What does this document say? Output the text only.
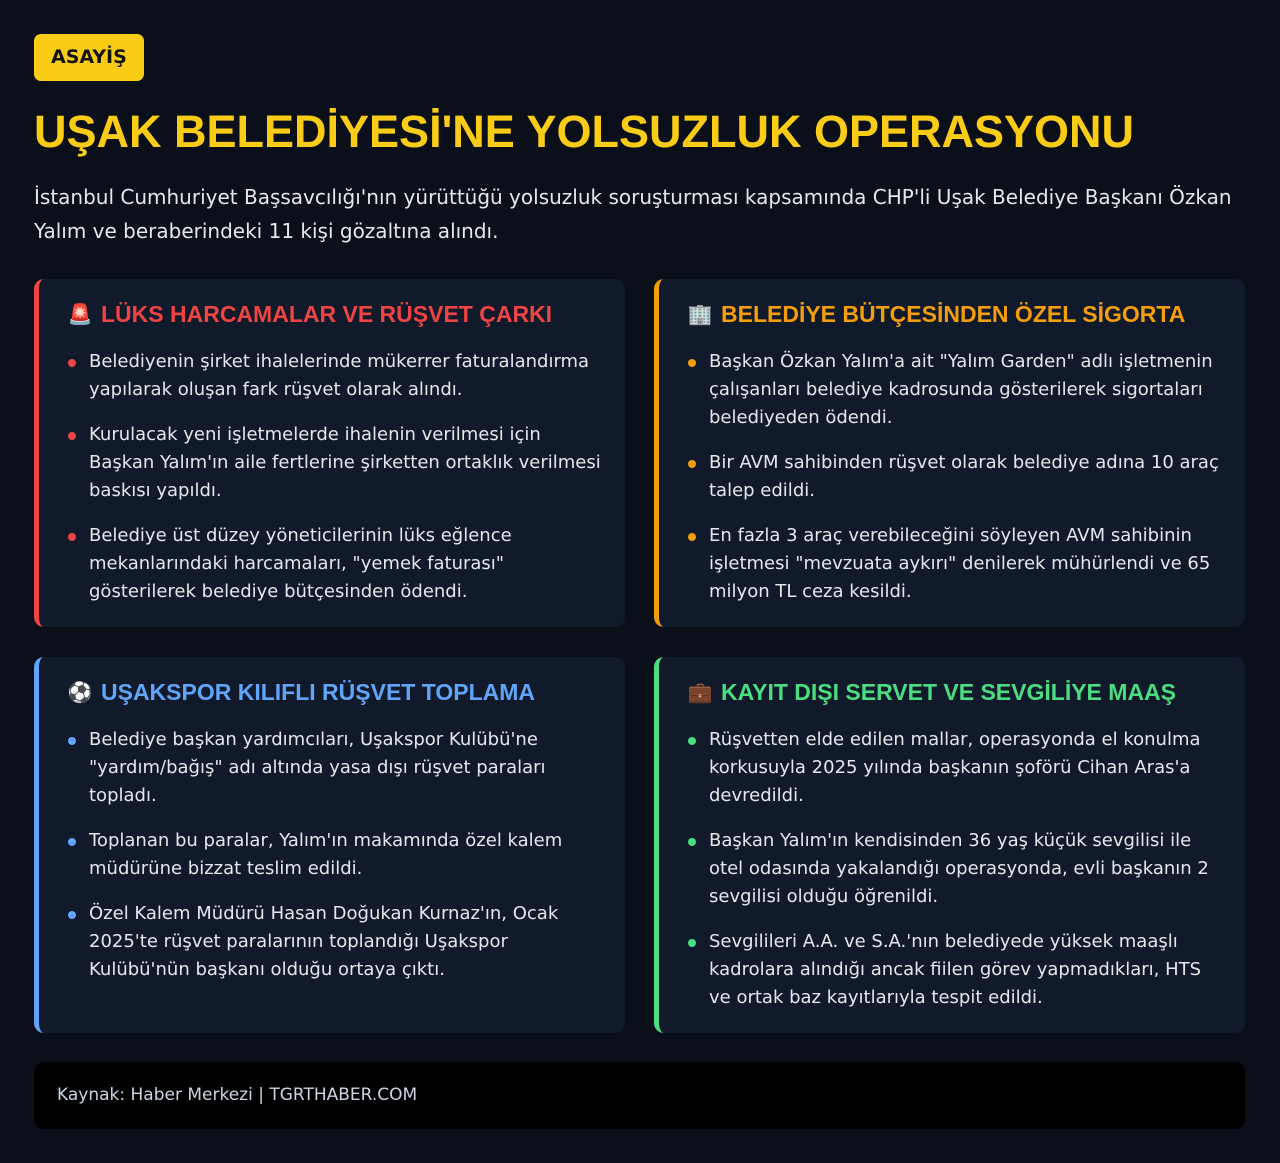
ASAYİŞ
UŞAK BELEDİYESİ'NE YOLSUZLUK OPERASYONU

İstanbul Cumhuriyet Başsavcılığı'nın yürüttüğü yolsuzluk soruşturması kapsamında CHP'li Uşak Belediye Başkanı Özkan Yalım ve beraberindeki 11 kişi gözaltına alındı.

🚨 LÜKS HARCAMALAR VE RÜŞVET ÇARKI
Belediyenin şirket ihalelerinde mükerrer faturalandırma yapılarak oluşan fark rüşvet olarak alındı.
Kurulacak yeni işletmelerde ihalenin verilmesi için Başkan Yalım'ın aile fertlerine şirketten ortaklık verilmesi baskısı yapıldı.
Belediye üst düzey yöneticilerinin lüks eğlence mekanlarındaki harcamaları, "yemek faturası" gösterilerek belediye bütçesinden ödendi.
🏢 BELEDİYE BÜTÇESİNDEN ÖZEL SİGORTA
Başkan Özkan Yalım'a ait "Yalım Garden" adlı işletmenin çalışanları belediye kadrosunda gösterilerek sigortaları belediyeden ödendi.
Bir AVM sahibinden rüşvet olarak belediye adına 10 araç talep edildi.
En fazla 3 araç verebileceğini söyleyen AVM sahibinin işletmesi "mevzuata aykırı" denilerek mühürlendi ve 65 milyon TL ceza kesildi.
⚽ UŞAKSPOR KILIFLI RÜŞVET TOPLAMA
Belediye başkan yardımcıları, Uşakspor Kulübü'ne "yardım/bağış" adı altında yasa dışı rüşvet paraları topladı.
Toplanan bu paralar, Yalım'ın makamında özel kalem müdürüne bizzat teslim edildi.
Özel Kalem Müdürü Hasan Doğukan Kurnaz'ın, Ocak 2025'te rüşvet paralarının toplandığı Uşakspor Kulübü'nün başkanı olduğu ortaya çıktı.
💼 KAYIT DIŞI SERVET VE SEVGİLİYE MAAŞ
Rüşvetten elde edilen mallar, operasyonda el konulma korkusuyla 2025 yılında başkanın şoförü Cihan Aras'a devredildi.
Başkan Yalım'ın kendisinden 36 yaş küçük sevgilisi ile otel odasında yakalandığı operasyonda, evli başkanın 2 sevgilisi olduğu öğrenildi.
Sevgilileri A.A. ve S.A.'nın belediyede yüksek maaşlı kadrolara alındığı ancak fiilen görev yapmadıkları, HTS ve ortak baz kayıtlarıyla tespit edildi.
Kaynak: Haber Merkezi | TGRTHABER.COM
